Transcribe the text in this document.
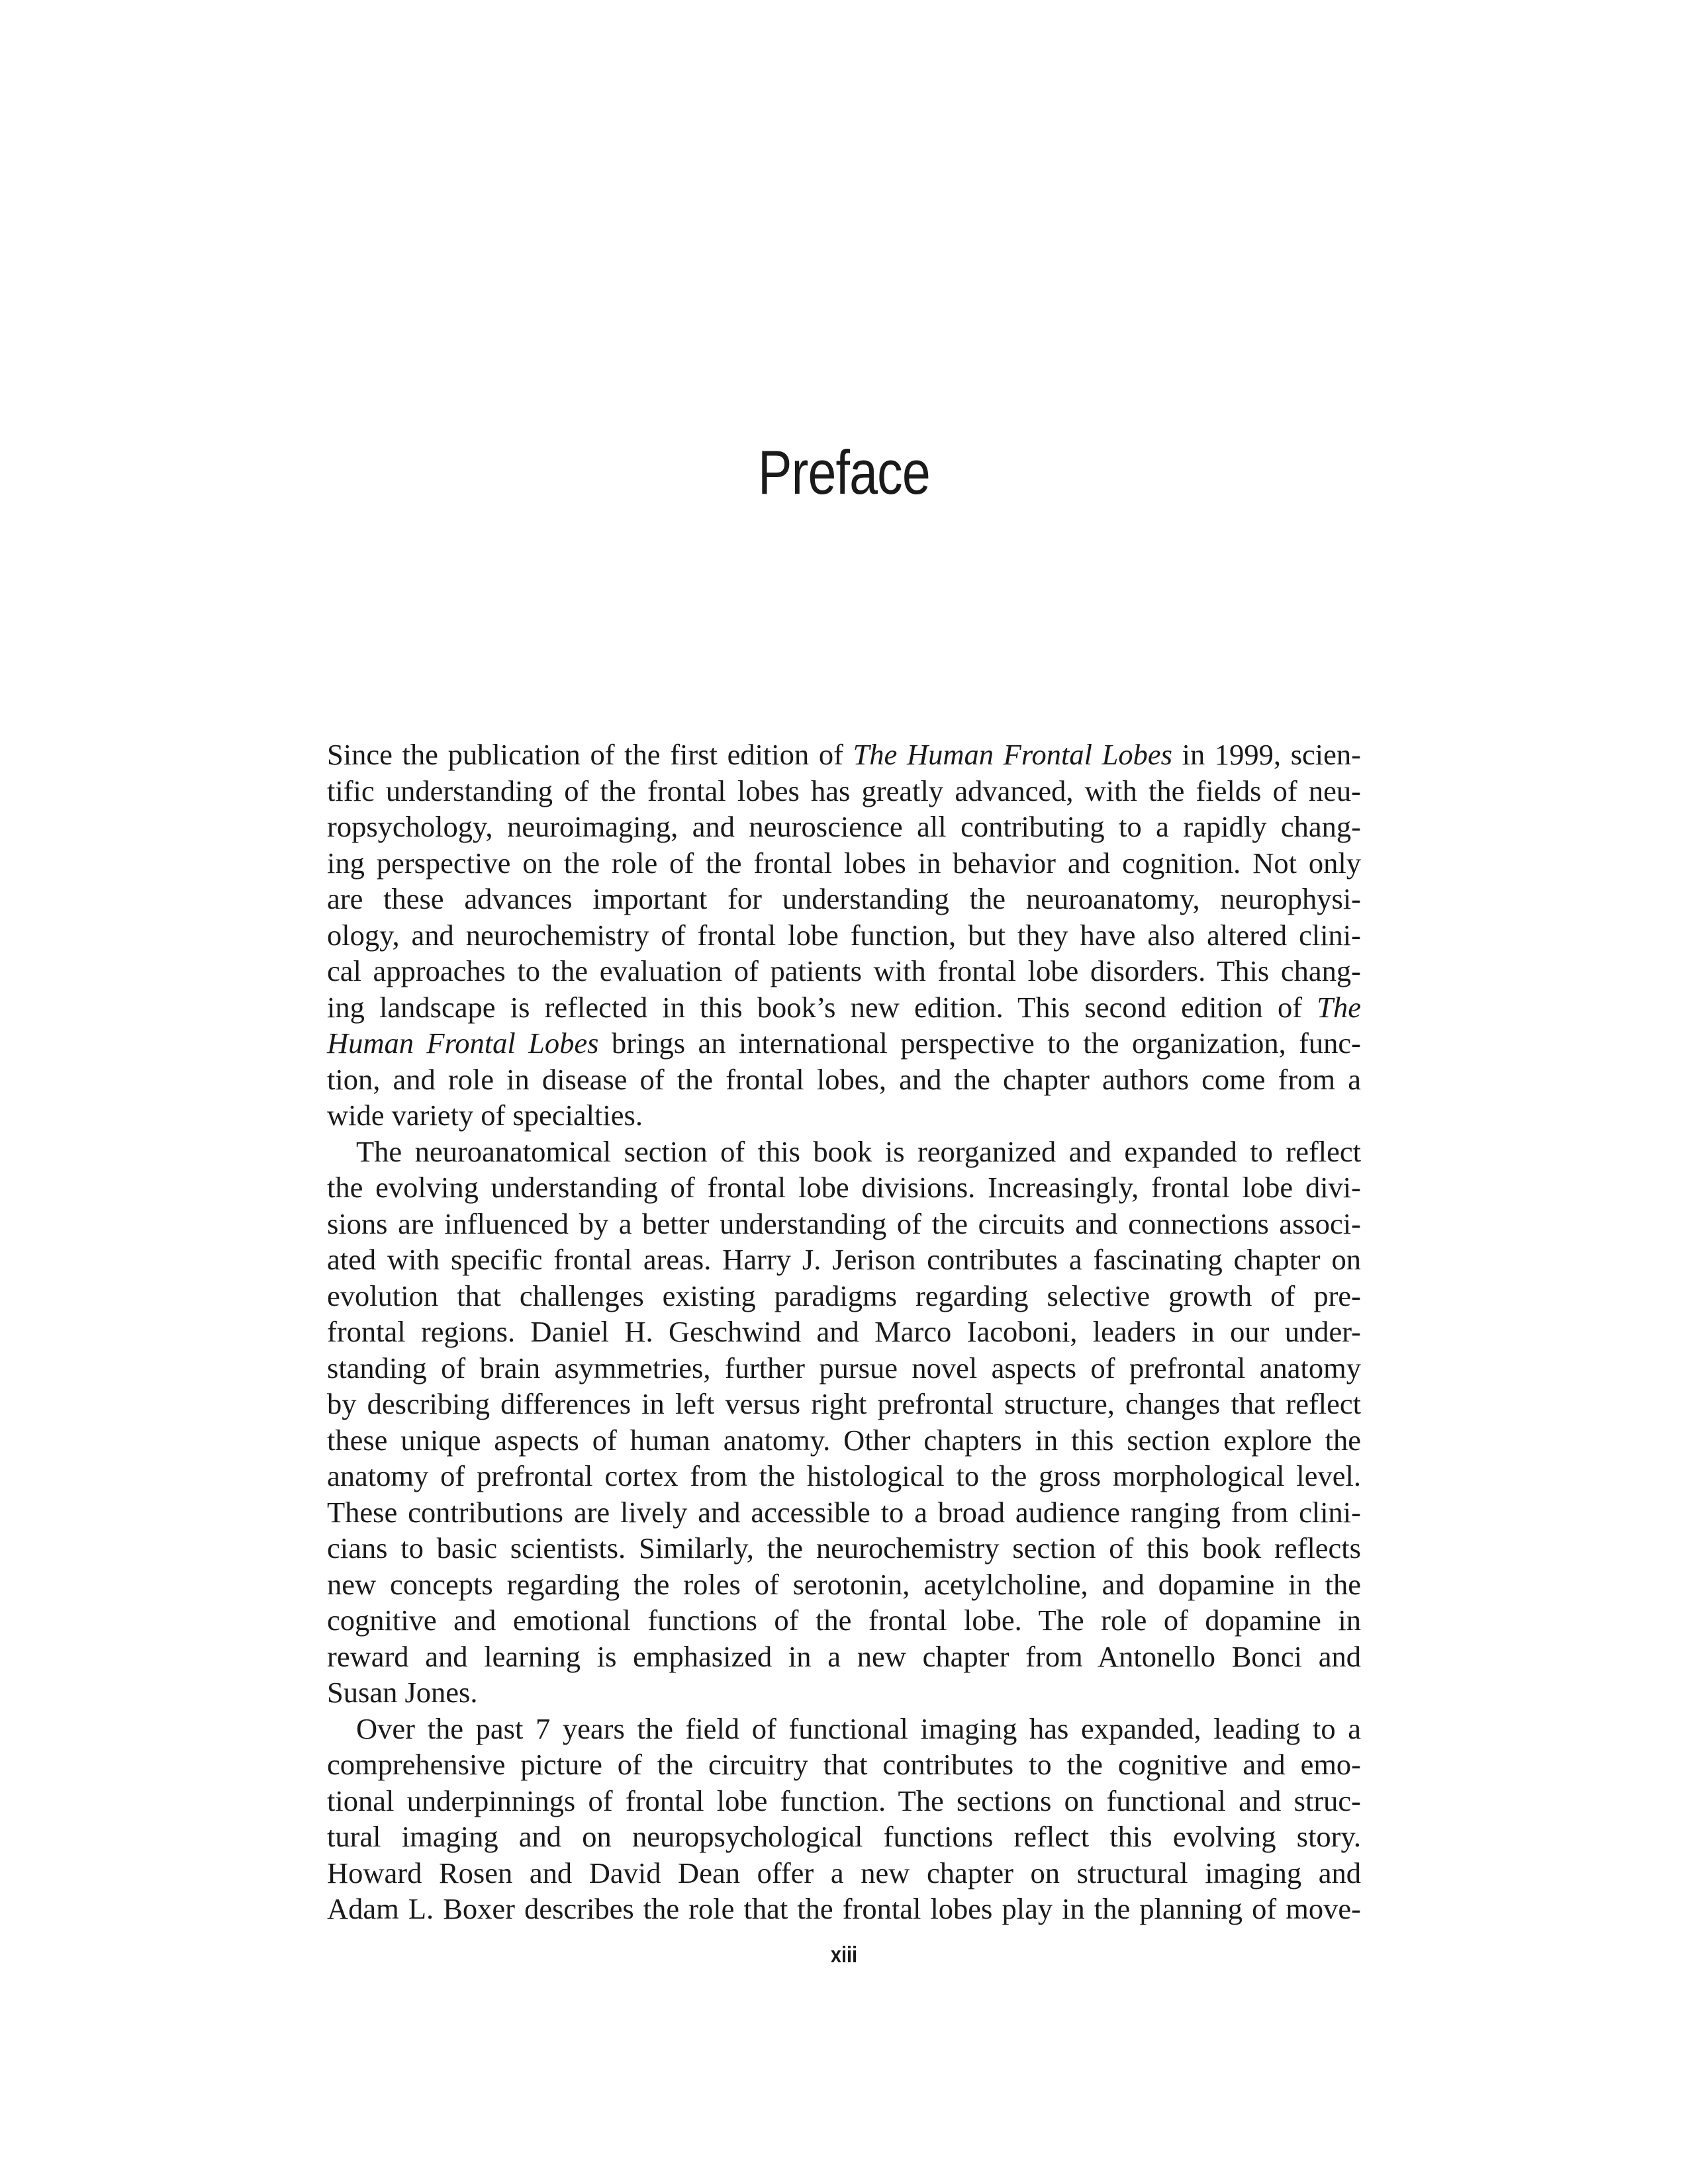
Preface
Since the publication of the first edition of The Human Frontal Lobes in 1999, scien-
tific understanding of the frontal lobes has greatly advanced, with the fields of neu-
ropsychology, neuroimaging, and neuroscience all contributing to a rapidly chang-
ing perspective on the role of the frontal lobes in behavior and cognition. Not only
are these advances important for understanding the neuroanatomy, neurophysi-
ology, and neurochemistry of frontal lobe function, but they have also altered clini-
cal approaches to the evaluation of patients with frontal lobe disorders. This chang-
ing landscape is reflected in this book’s new edition. This second edition of The
Human Frontal Lobes brings an international perspective to the organization, func-
tion, and role in disease of the frontal lobes, and the chapter authors come from a
wide variety of specialties.
The neuroanatomical section of this book is reorganized and expanded to reflect
the evolving understanding of frontal lobe divisions. Increasingly, frontal lobe divi-
sions are influenced by a better understanding of the circuits and connections associ-
ated with specific frontal areas. Harry J. Jerison contributes a fascinating chapter on
evolution that challenges existing paradigms regarding selective growth of pre-
frontal regions. Daniel H. Geschwind and Marco Iacoboni, leaders in our under-
standing of brain asymmetries, further pursue novel aspects of prefrontal anatomy
by describing differences in left versus right prefrontal structure, changes that reflect
these unique aspects of human anatomy. Other chapters in this section explore the
anatomy of prefrontal cortex from the histological to the gross morphological level.
These contributions are lively and accessible to a broad audience ranging from clini-
cians to basic scientists. Similarly, the neurochemistry section of this book reflects
new concepts regarding the roles of serotonin, acetylcholine, and dopamine in the
cognitive and emotional functions of the frontal lobe. The role of dopamine in
reward and learning is emphasized in a new chapter from Antonello Bonci and
Susan Jones.
Over the past 7 years the field of functional imaging has expanded, leading to a
comprehensive picture of the circuitry that contributes to the cognitive and emo-
tional underpinnings of frontal lobe function. The sections on functional and struc-
tural imaging and on neuropsychological functions reflect this evolving story.
Howard Rosen and David Dean offer a new chapter on structural imaging and
Adam L. Boxer describes the role that the frontal lobes play in the planning of move-
xiii
